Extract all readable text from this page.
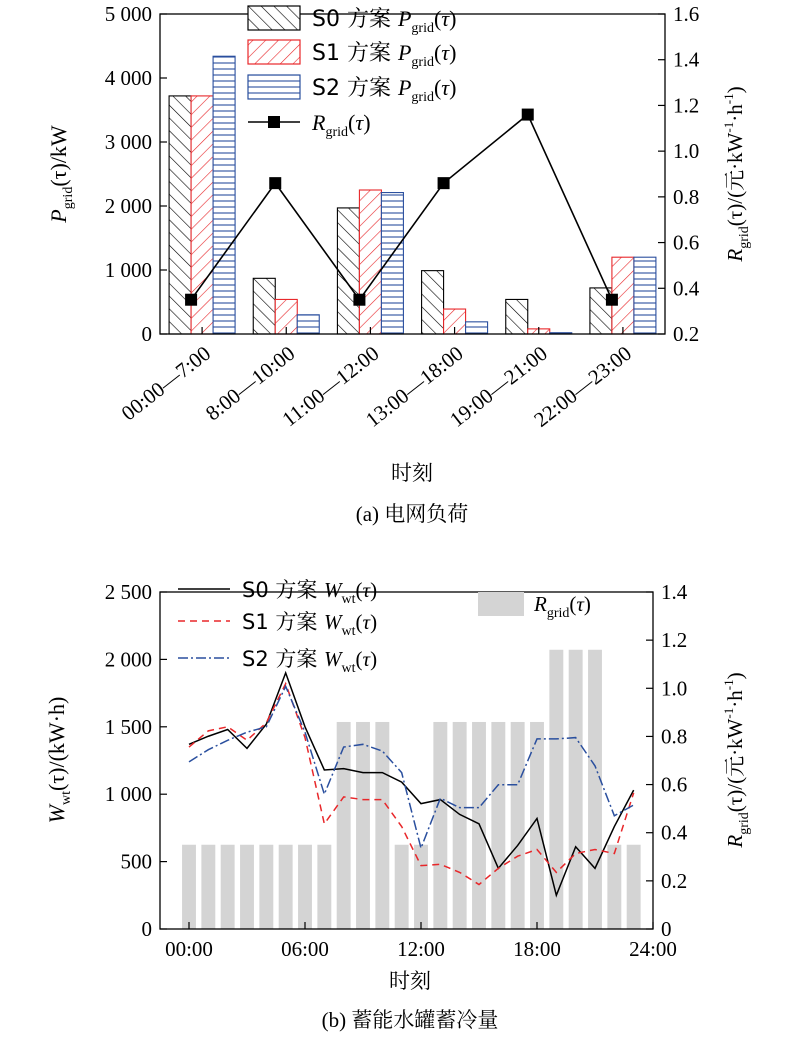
0
1 000
2 000
3 000
4 000
5 000
0.2
0.4
0.6
0.8
1.0
1.2
1.4
1.6
00:00—7:00
8:00—10:00
11:00—12:00
13:00—18:00
19:00—21:00
22:00—23:00
$P_{grid}(\tau)/kW$
$R_{grid}(\tau)/$(元$\cdot kW^{-1}\cdot h^{-1}$)
时刻
(a) 电网负荷
S0 方案 $P_{grid}(\tau)$
S1 方案 $P_{grid}(\tau)$
S2 方案 $P_{grid}(\tau)$
$R_{grid}(\tau)$
0
500
1 000
1 500
2 000
2 500
0
0.2
0.4
0.6
0.8
1.0
1.2
1.4
00:00	06:00	12:00	18:00	24:00
$W_{wt}(\tau)/(kW\cdot h)$
$R_{grid}(\tau)/$(元$\cdot kW^{-1}\cdot h^{-1}$)
时刻
(b) 蓄能水罐蓄冷量
S0 方案 $W_{wt}(\tau)$
S1 方案 $W_{wt}(\tau)$
S2 方案 $W_{wt}(\tau)$
$R_{grid}(\tau)$
